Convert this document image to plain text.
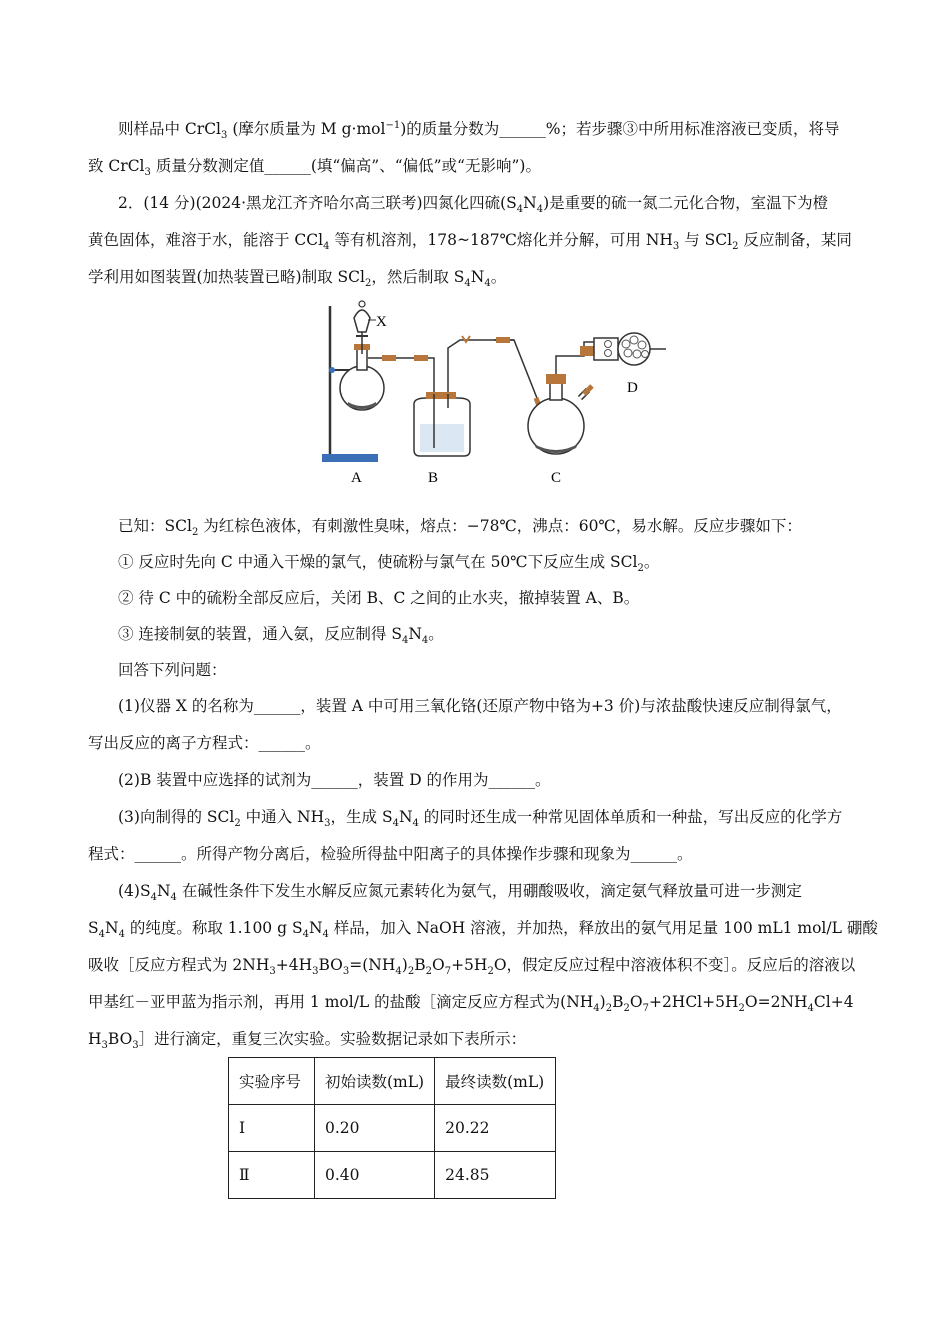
则样品中 CrCl$_3$ (摩尔质量为 M g·mol$^{-1}$)的质量分数为______%；若步骤③中所用标准溶液已变质，将导
致 CrCl$_3$ 质量分数测定值______(填“偏高”、“偏低”或“无影响”)。
2．(14 分)(2024·黑龙江齐齐哈尔高三联考)四氮化四硫$(S_4N_4)$是重要的硫一氮二元化合物，室温下为橙
黄色固体，难溶于水，能溶于 CCl$_4$ 等有机溶剂，178~187℃熔化并分解，可用 $NH_3$ 与 SCl$_2$ 反应制备，某同
学利用如图装置(加热装置已略)制取 SCl$_2$，然后制取 $S_4N_4$。
X
D
A	B	C
已知：SCl$_2$ 为红棕色液体，有刺激性臭味，熔点：−78℃，沸点：60℃，易水解。反应步骤如下：
① 反应时先向 C 中通入干燥的氯气，使硫粉与氯气在 50℃下反应生成 SCl$_2$。
② 待 C 中的硫粉全部反应后，关闭 B、C 之间的止水夹，撤掉装置 A、B。
③ 连接制氨的装置，通入氨，反应制得 $S_4N_4$。
回答下列问题：
(1)仪器 X 的名称为______，装置 A 中可用三氧化铬(还原产物中铬为+3 价)与浓盐酸快速反应制得氯气，
写出反应的离子方程式：______。
(2)B 装置中应选择的试剂为______，装置 D 的作用为______。
(3)向制得的 SCl$_2$ 中通入 $NH_3$，生成 $S_4N_4$ 的同时还生成一种常见固体单质和一种盐，写出反应的化学方
程式：______。所得产物分离后，检验所得盐中阳离子的具体操作步骤和现象为______。
$(4)S_4N_4$ 在碱性条件下发生水解反应氮元素转化为氨气，用硼酸吸收，滴定氨气释放量可进一步测定
$S_4N_4$ 的纯度。称取 1.100 g $S_4N_4$ 样品，加入 NaOH 溶液，并加热，释放出的氨气用足量 100 mL1 mol/L 硼酸
吸收［反应方程式为 $2NH_3+4H_3BO_3=(NH_4)_2B_2O_7+5H_2O$，假定反应过程中溶液体积不变］。反应后的溶液以
甲基红－亚甲蓝为指示剂，再用 1 mol/L 的盐酸［滴定反应方程式为$(NH_4)_2B_2O_7+2HCl+5H_2O=2NH_4Cl+4$
$H_3BO_3]$进行滴定，重复三次实验。实验数据记录如下表所示：
实验序号	初始读数(mL)	最终读数(mL)
Ⅰ	0.20	20.22
Ⅱ	0.40	24.85
